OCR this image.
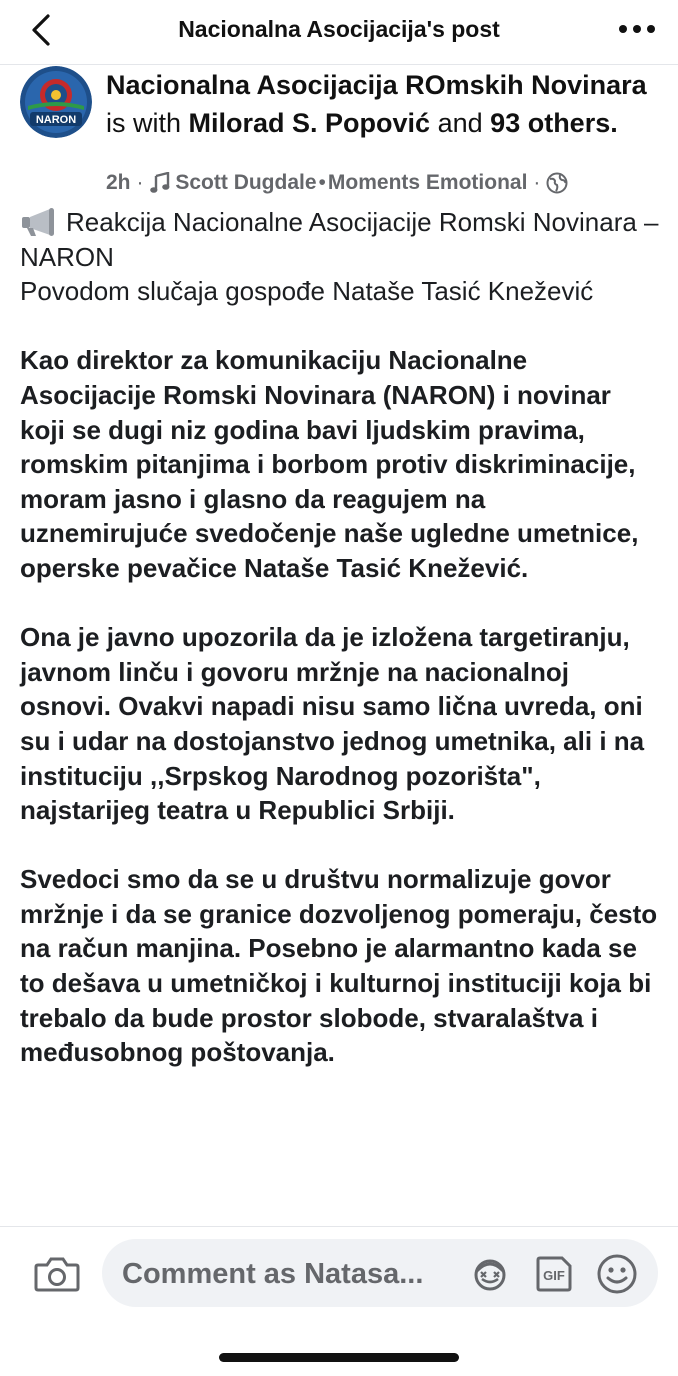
Nacionalna Asocijacija's post
NARON
Nacionalna Asocijacija ROmskih Novinara is with Milorad S. Popović and 93 others.
2h · Scott Dugdale•Moments Emotional ·

Reakcija Nacionalne Asocijacije Romski Novinara – NARON
Povodom slučaja gospođe Nataše Tasić Knežević

Kao direktor za komunikaciju Nacionalne Asocijacije Romski Novinara (NARON) i novinar koji se dugi niz godina bavi ljudskim pravima, romskim pitanjima i borbom protiv diskriminacije, moram jasno i glasno da reagujem na uznemirujuće svedočenje naše ugledne umetnice, operske pevačice Nataše Tasić Knežević.

Ona je javno upozorila da je izložena targetiranju, javnom linču i govoru mržnje na nacionalnoj osnovi. Ovakvi napadi nisu samo lična uvreda, oni su i udar na dostojanstvo jednog umetnika, ali i na instituciju ,,Srpskog Narodnog pozorišta", najstarijeg teatra u Republici Srbiji.

Svedoci smo da se u društvu normalizuje govor mržnje i da se granice dozvoljenog pomeraju, često na račun manjina. Posebno je alarmantno kada se to dešava u umetničkoj i kulturnoj instituciji koja bi trebalo da bude prostor slobode, stvaralaštva i međusobnog poštovanja.

Comment as Natasa...	GIF
